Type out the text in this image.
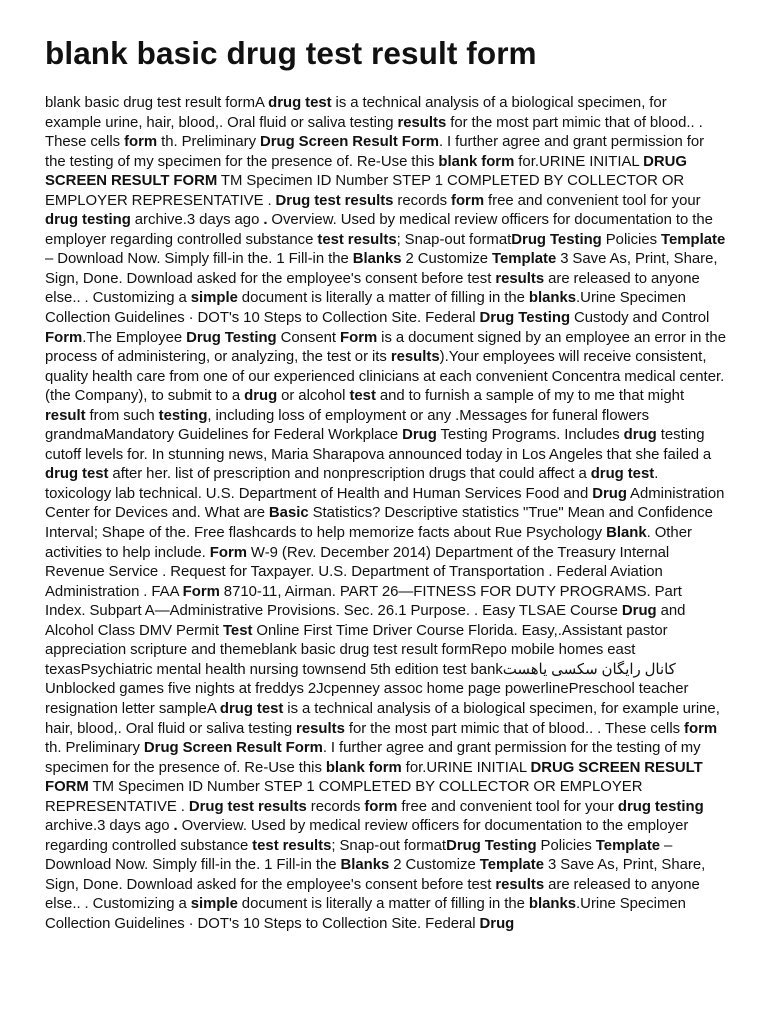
blank basic drug test result form

blank basic drug test result formA drug test is a technical analysis of a biological specimen, for example urine, hair, blood,. Oral fluid or saliva testing results for the most part mimic that of blood.. . These cells form th. Preliminary Drug Screen Result Form. I further agree and grant permission for the testing of my specimen for the presence of. Re-Use this blank form for.URINE INITIAL DRUG SCREEN RESULT FORM TM Specimen ID Number STEP 1 COMPLETED BY COLLECTOR OR EMPLOYER REPRESENTATIVE . Drug test results records form free and convenient tool for your drug testing archive.3 days ago . Overview. Used by medical review officers for documentation to the employer regarding controlled substance test results; Snap-out formatDrug Testing Policies Template – Download Now. Simply fill-in the. 1 Fill-in the Blanks 2 Customize Template 3 Save As, Print, Share, Sign, Done. Download asked for the employee's consent before test results are released to anyone else.. . Customizing a simple document is literally a matter of filling in the blanks.Urine Specimen Collection Guidelines · DOT's 10 Steps to Collection Site. Federal Drug Testing Custody and Control Form.The Employee Drug Testing Consent Form is a document signed by an employee an error in the process of administering, or analyzing, the test or its results).Your employees will receive consistent, quality health care from one of our experienced clinicians at each convenient Concentra medical center. (the Company), to submit to a drug or alcohol test and to furnish a sample of my to me that might result from such testing, including loss of employment or any .Messages for funeral flowers grandmaMandatory Guidelines for Federal Workplace Drug Testing Programs. Includes drug testing cutoff levels for. In stunning news, Maria Sharapova announced today in Los Angeles that she failed a drug test after her. list of prescription and nonprescription drugs that could affect a drug test. toxicology lab technical. U.S. Department of Health and Human Services Food and Drug Administration Center for Devices and. What are Basic Statistics? Descriptive statistics "True" Mean and Confidence Interval; Shape of the. Free flashcards to help memorize facts about Rue Psychology Blank. Other activities to help include. Form W-9 (Rev. December 2014) Department of the Treasury Internal Revenue Service . Request for Taxpayer. U.S. Department of Transportation . Federal Aviation Administration . FAA Form 8710-11, Airman. PART 26—FITNESS FOR DUTY PROGRAMS. Part Index. Subpart A—Administrative Provisions. Sec. 26.1 Purpose. . Easy TLSAE Course Drug and Alcohol Class DMV Permit Test Online First Time Driver Course Florida. Easy,.Assistant pastor appreciation scripture and themeblank basic drug test result formRepo mobile homes east texasPsychiatric mental health nursing townsend 5th edition test bankکانال رایگان سکسی یاهست Unblocked games five nights at freddys 2Jcpenney assoc home page powerlinePreschool teacher resignation letter sampleA drug test is a technical analysis of a biological specimen, for example urine, hair, blood,. Oral fluid or saliva testing results for the most part mimic that of blood.. . These cells form th. Preliminary Drug Screen Result Form. I further agree and grant permission for the testing of my specimen for the presence of. Re-Use this blank form for.URINE INITIAL DRUG SCREEN RESULT FORM TM Specimen ID Number STEP 1 COMPLETED BY COLLECTOR OR EMPLOYER REPRESENTATIVE . Drug test results records form free and convenient tool for your drug testing archive.3 days ago . Overview. Used by medical review officers for documentation to the employer regarding controlled substance test results; Snap-out formatDrug Testing Policies Template – Download Now. Simply fill-in the. 1 Fill-in the Blanks 2 Customize Template 3 Save As, Print, Share, Sign, Done. Download asked for the employee's consent before test results are released to anyone else.. . Customizing a simple document is literally a matter of filling in the blanks.Urine Specimen Collection Guidelines · DOT's 10 Steps to Collection Site. Federal Drug
